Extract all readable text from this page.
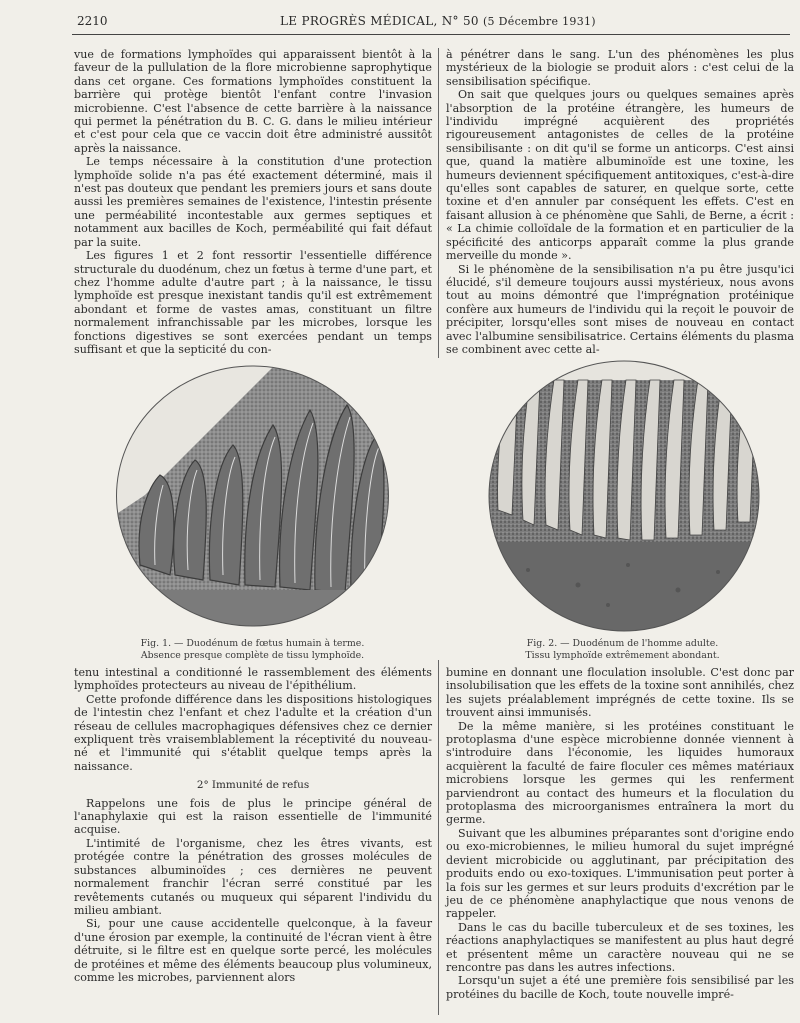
2210	LE PROGRÈS MÉDICAL, N° 50 (5 Décembre 1931)

vue de formations lymphoïdes qui apparaissent bientôt à la faveur de la pullulation de la flore microbienne saprophytique dans cet organe. Ces formations lymphoïdes constituent la barrière qui protège bientôt l'enfant contre l'invasion microbienne. C'est l'absence de cette barrière à la naissance qui permet la pénétration du B. C. G. dans le milieu intérieur et c'est pour cela que ce vaccin doit être administré aussitôt après la naissance.

Le temps nécessaire à la constitution d'une protection lymphoïde solide n'a pas été exactement déterminé, mais il n'est pas douteux que pendant les premiers jours et sans doute aussi les premières semaines de l'existence, l'intestin présente une perméabilité incontestable aux germes septiques et notamment aux bacilles de Koch, perméabilité qui fait défaut par la suite.

Les figures 1 et 2 font ressortir l'essentielle différence structurale du duodénum, chez un fœtus à terme d'une part, et chez l'homme adulte d'autre part ; à la naissance, le tissu lymphoïde est presque inexistant tandis qu'il est extrêmement abondant et forme de vastes amas, constituant un filtre normalement infranchissable par les microbes, lorsque les fonctions digestives se sont exercées pendant un temps suffisant et que la septicité du con-

à pénétrer dans le sang. L'un des phénomènes les plus mystérieux de la biologie se produit alors : c'est celui de la sensibilisation spécifique.

On sait que quelques jours ou quelques semaines après l'absorption de la protéine étrangère, les humeurs de l'individu imprégné acquièrent des propriétés rigoureusement antagonistes de celles de la protéine sensibilisante : on dit qu'il se forme un anticorps. C'est ainsi que, quand la matière albuminoïde est une toxine, les humeurs deviennent spécifiquement antitoxiques, c'est-à-dire qu'elles sont capables de saturer, en quelque sorte, cette toxine et d'en annuler par conséquent les effets. C'est en faisant allusion à ce phénomène que Sahli, de Berne, a écrit : « La chimie colloïdale de la formation et en particulier de la spécificité des anticorps apparaît comme la plus grande merveille du monde ».

Si le phénomène de la sensibilisation n'a pu être jusqu'ici élucidé, s'il demeure toujours aussi mystérieux, nous avons tout au moins démontré que l'imprégnation protéinique confère aux humeurs de l'individu qui la reçoit le pouvoir de précipiter, lorsqu'elles sont mises de nouveau en contact avec l'albumine sensibilisatrice. Certains éléments du plasma se combinent avec cette al-

Fig. 1. — Duodénum de fœtus humain à terme.
Absence presque complète de tissu lymphoïde.
Fig. 2. — Duodénum de l'homme adulte.
Tissu lymphoïde extrêmement abondant.

tenu intestinal a conditionné le rassemblement des éléments lymphoïdes protecteurs au niveau de l'épithélium.

Cette profonde différence dans les dispositions histologiques de l'intestin chez l'enfant et chez l'adulte et la création d'un réseau de cellules macrophagiques défensives chez ce dernier expliquent très vraisemblablement la réceptivité du nouveau-né et l'immunité qui s'établit quelque temps après la naissance.

2° Immunité de refus

Rappelons une fois de plus le principe général de l'anaphylaxie qui est la raison essentielle de l'immunité acquise.

L'intimité de l'organisme, chez les êtres vivants, est protégée contre la pénétration des grosses molécules de substances albuminoïdes ; ces dernières ne peuvent normalement franchir l'écran serré constitué par les revêtements cutanés ou muqueux qui séparent l'individu du milieu ambiant.

Si, pour une cause accidentelle quelconque, à la faveur d'une érosion par exemple, la continuité de l'écran vient à être détruite, si le filtre est en quelque sorte percé, les molécules de protéines et même des éléments beaucoup plus volumineux, comme les microbes, parviennent alors

bumine en donnant une floculation insoluble. C'est donc par insolubilisation que les effets de la toxine sont annihilés, chez les sujets préalablement imprégnés de cette toxine. Ils se trouvent ainsi immunisés.

De la même manière, si les protéines constituant le protoplasma d'une espèce microbienne donnée viennent à s'introduire dans l'économie, les liquides humoraux acquièrent la faculté de faire floculer ces mêmes matériaux microbiens lorsque les germes qui les renferment parviendront au contact des humeurs et la floculation du protoplasma des microorganismes entraînera la mort du germe.

Suivant que les albumines préparantes sont d'origine endo ou exo-microbiennes, le milieu humoral du sujet imprégné devient microbicide ou agglutinant, par précipitation des produits endo ou exo-toxiques. L'immunisation peut porter à la fois sur les germes et sur leurs produits d'excrétion par le jeu de ce phénomène anaphylactique que nous venons de rappeler.

Dans le cas du bacille tuberculeux et de ses toxines, les réactions anaphylactiques se manifestent au plus haut degré et présentent même un caractère nouveau qui ne se rencontre pas dans les autres infections.

Lorsqu'un sujet a été une première fois sensibilisé par les protéines du bacille de Koch, toute nouvelle impré-
